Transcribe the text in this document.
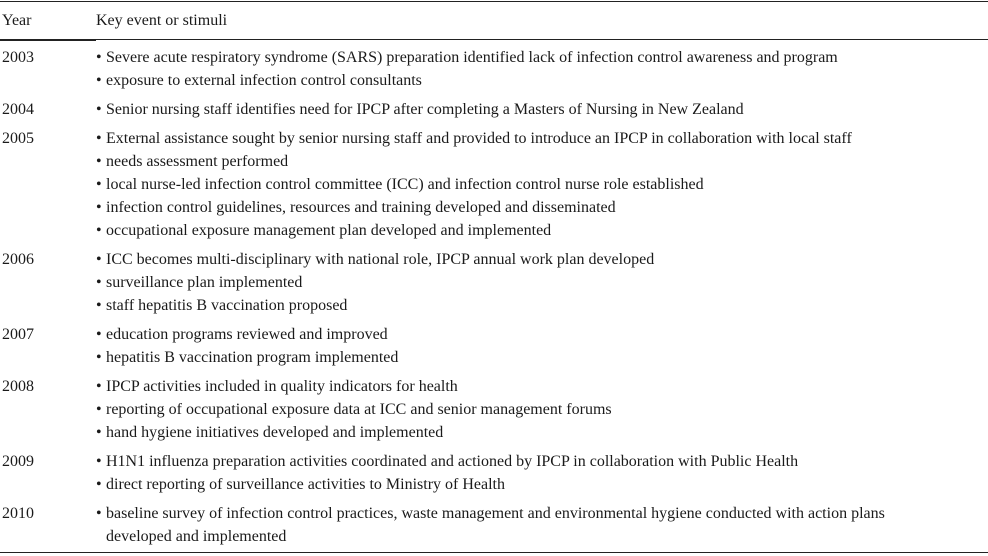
Year	Key event or stimuli
2003	• Severe acute respiratory syndrome (SARS) preparation identified lack of infection control awareness and program
• exposure to external infection control consultants
2004	• Senior nursing staff identifies need for IPCP after completing a Masters of Nursing in New Zealand
2005	• External assistance sought by senior nursing staff and provided to introduce an IPCP in collaboration with local staff
• needs assessment performed
• local nurse-led infection control committee (ICC) and infection control nurse role established
• infection control guidelines, resources and training developed and disseminated
• occupational exposure management plan developed and implemented
2006	• ICC becomes multi-disciplinary with national role, IPCP annual work plan developed
• surveillance plan implemented
• staff hepatitis B vaccination proposed
2007	• education programs reviewed and improved
• hepatitis B vaccination program implemented
2008	• IPCP activities included in quality indicators for health
• reporting of occupational exposure data at ICC and senior management forums
• hand hygiene initiatives developed and implemented
2009	• H1N1 influenza preparation activities coordinated and actioned by IPCP in collaboration with Public Health
• direct reporting of surveillance activities to Ministry of Health
2010	• baseline survey of infection control practices, waste management and environmental hygiene conducted with action plans
developed and implemented
